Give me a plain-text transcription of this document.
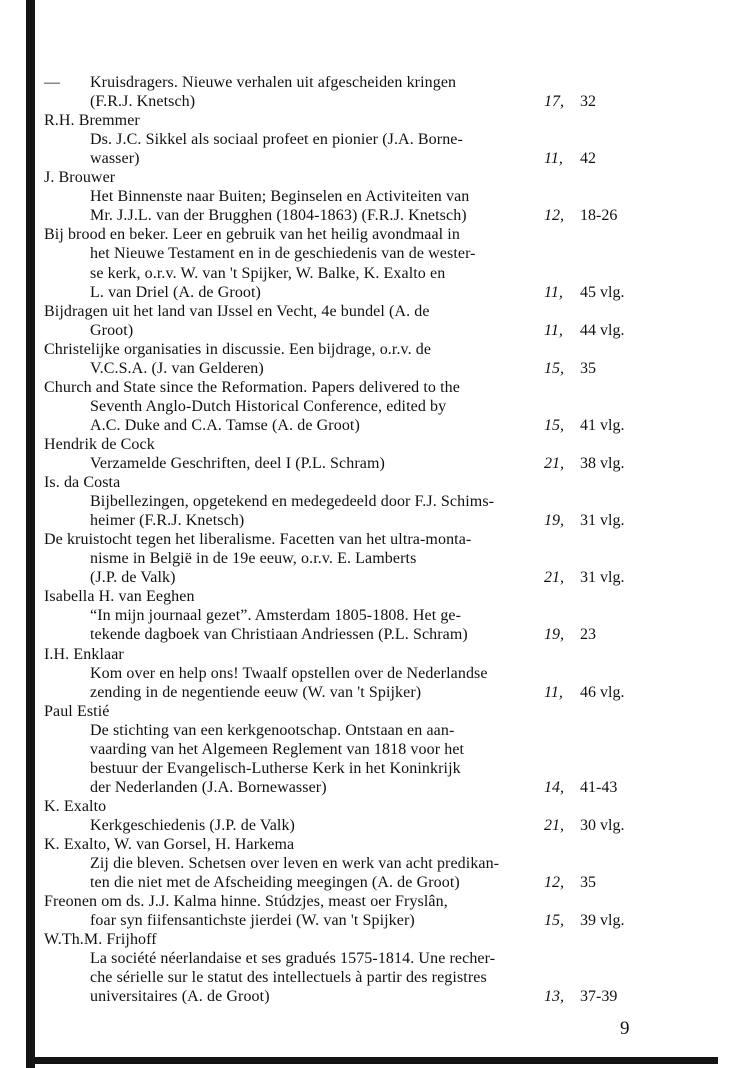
— Kruisdragers. Nieuwe verhalen uit afgescheiden kringen
(F.R.J. Knetsch)	17, 32
R.H. Bremmer
Ds. J.C. Sikkel als sociaal profeet en pionier (J.A. Borne-
wasser)	11, 42
J. Brouwer
Het Binnenste naar Buiten; Beginselen en Activiteiten van
Mr. J.J.L. van der Brugghen (1804-1863) (F.R.J. Knetsch)	12, 18-26
Bij brood en beker. Leer en gebruik van het heilig avondmaal in
het Nieuwe Testament en in de geschiedenis van de wester-
se kerk, o.r.v. W. van 't Spijker, W. Balke, K. Exalto en
L. van Driel (A. de Groot)	11, 45 vlg.
Bijdragen uit het land van IJssel en Vecht, 4e bundel (A. de
Groot)	11, 44 vlg.
Christelijke organisaties in discussie. Een bijdrage, o.r.v. de
V.C.S.A. (J. van Gelderen)	15, 35
Church and State since the Reformation. Papers delivered to the
Seventh Anglo-Dutch Historical Conference, edited by
A.C. Duke and C.A. Tamse (A. de Groot)	15, 41 vlg.
Hendrik de Cock
Verzamelde Geschriften, deel I (P.L. Schram)	21, 38 vlg.
Is. da Costa
Bijbellezingen, opgetekend en medegedeeld door F.J. Schims-
heimer (F.R.J. Knetsch)	19, 31 vlg.
De kruistocht tegen het liberalisme. Facetten van het ultra-monta-
nisme in België in de 19e eeuw, o.r.v. E. Lamberts
(J.P. de Valk)	21, 31 vlg.
Isabella H. van Eeghen
“In mijn journaal gezet”. Amsterdam 1805-1808. Het ge-
tekende dagboek van Christiaan Andriessen (P.L. Schram)	19, 23
I.H. Enklaar
Kom over en help ons! Twaalf opstellen over de Nederlandse
zending in de negentiende eeuw (W. van 't Spijker)	11, 46 vlg.
Paul Estié
De stichting van een kerkgenootschap. Ontstaan en aan-
vaarding van het Algemeen Reglement van 1818 voor het
bestuur der Evangelisch-Lutherse Kerk in het Koninkrijk
der Nederlanden (J.A. Bornewasser)	14, 41-43
K. Exalto
Kerkgeschiedenis (J.P. de Valk)	21, 30 vlg.
K. Exalto, W. van Gorsel, H. Harkema
Zij die bleven. Schetsen over leven en werk van acht predikan-
ten die niet met de Afscheiding meegingen (A. de Groot)	12, 35
Freonen om ds. J.J. Kalma hinne. Stúdzjes, meast oer Fryslân,
foar syn fiifensantichste jierdei (W. van 't Spijker)	15, 39 vlg.
W.Th.M. Frijhoff
La société néerlandaise et ses gradués 1575-1814. Une recher-
che sérielle sur le statut des intellectuels à partir des registres
universitaires (A. de Groot)	13, 37-39
9
